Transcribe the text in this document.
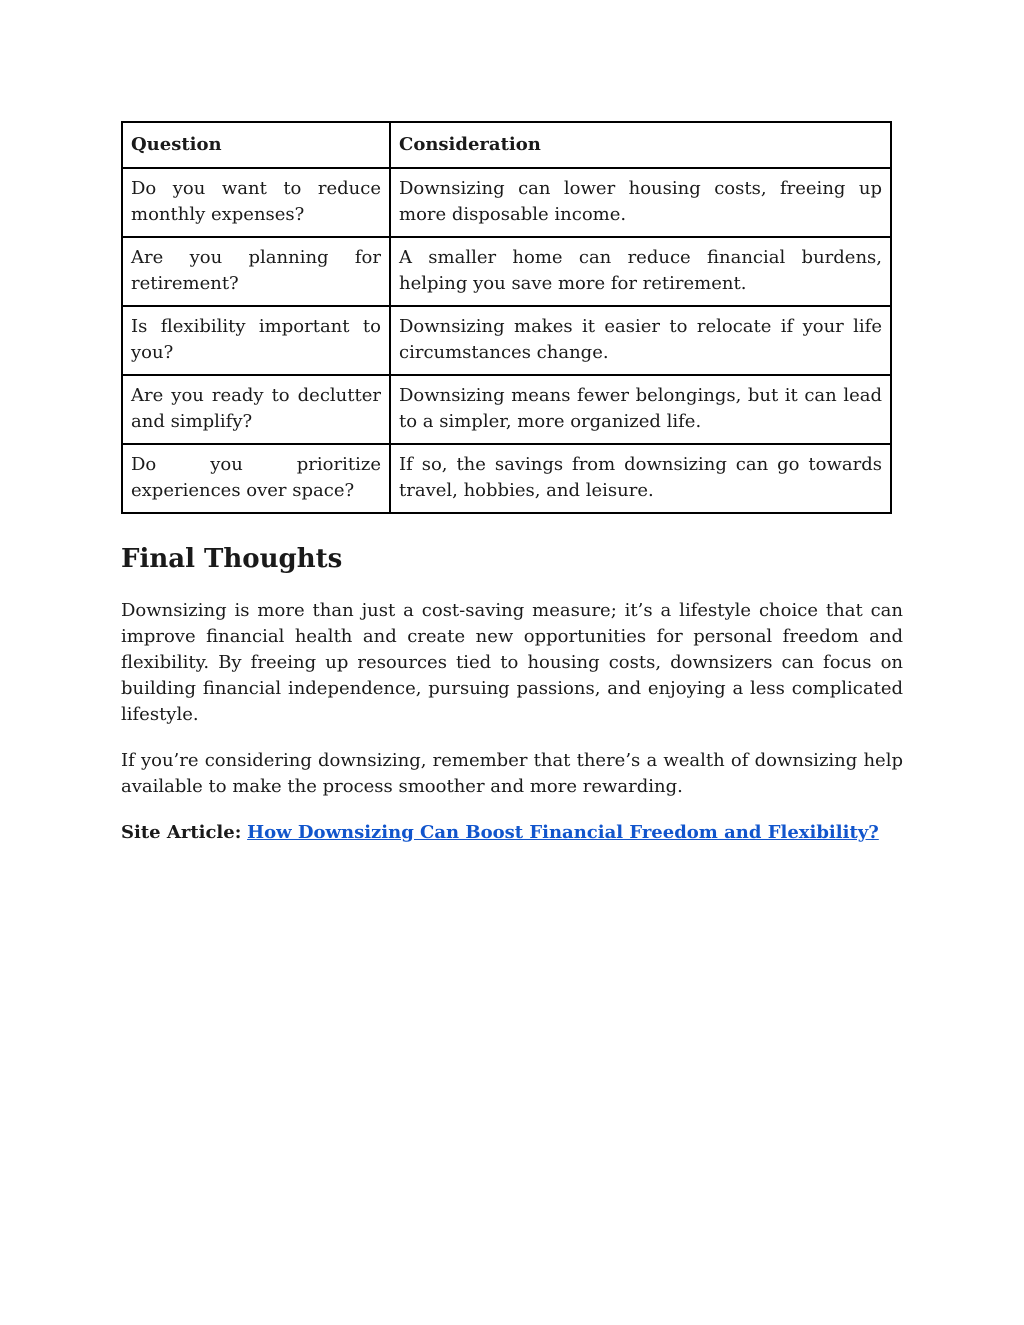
Question	Consideration
Do you want to reduce monthly expenses?	Downsizing can lower housing costs, freeing up more disposable income.
Are you planning for retirement?	A smaller home can reduce financial burdens, helping you save more for retirement.
Is flexibility important to you?	Downsizing makes it easier to relocate if your life circumstances change.
Are you ready to declutter and simplify?	Downsizing means fewer belongings, but it can lead to a simpler, more organized life.
Do you prioritize experiences over space?	If so, the savings from downsizing can go towards travel, hobbies, and leisure.
Final Thoughts

Downsizing is more than just a cost-saving measure; it’s a lifestyle choice that can improve financial health and create new opportunities for personal freedom and flexibility. By freeing up resources tied to housing costs, downsizers can focus on building financial independence, pursuing passions, and enjoying a less complicated lifestyle.

If you’re considering downsizing, remember that there’s a wealth of downsizing help available to make the process smoother and more rewarding.

Site Article: How Downsizing Can Boost Financial Freedom and Flexibility?
